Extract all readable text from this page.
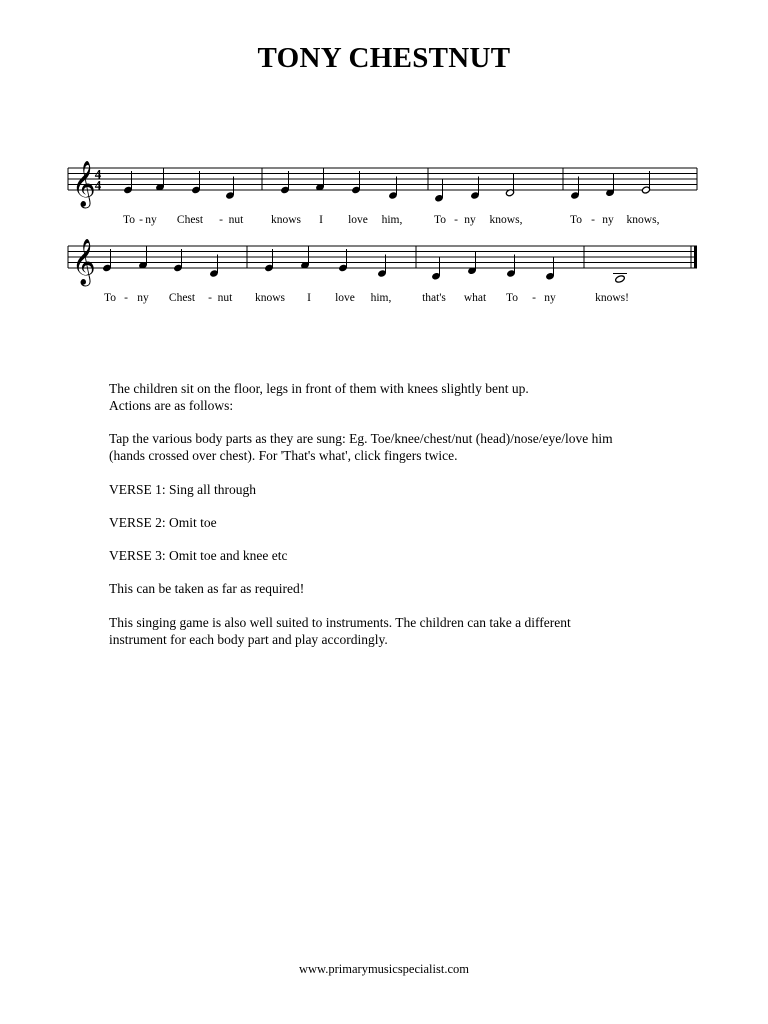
TONY CHESTNUT
𝄞 4
4
𝄞
To - ny Chest - nut knows I love him,	To - ny knows,	To - ny knows,
To - ny Chest - nut knows I love him,	that's what To - ny	knows!

The children sit on the floor, legs in front of them with knees slightly bent up.
Actions are as follows:

Tap the various body parts as they are sung: Eg. Toe/knee/chest/nut (head)/nose/eye/love him
(hands crossed over chest). For 'That's what', click fingers twice.

VERSE 1: Sing all through

VERSE 2: Omit toe

VERSE 3: Omit toe and knee etc

This can be taken as far as required!

This singing game is also well suited to instruments. The children can take a different
instrument for each body part and play accordingly.

www.primarymusicspecialist.com
